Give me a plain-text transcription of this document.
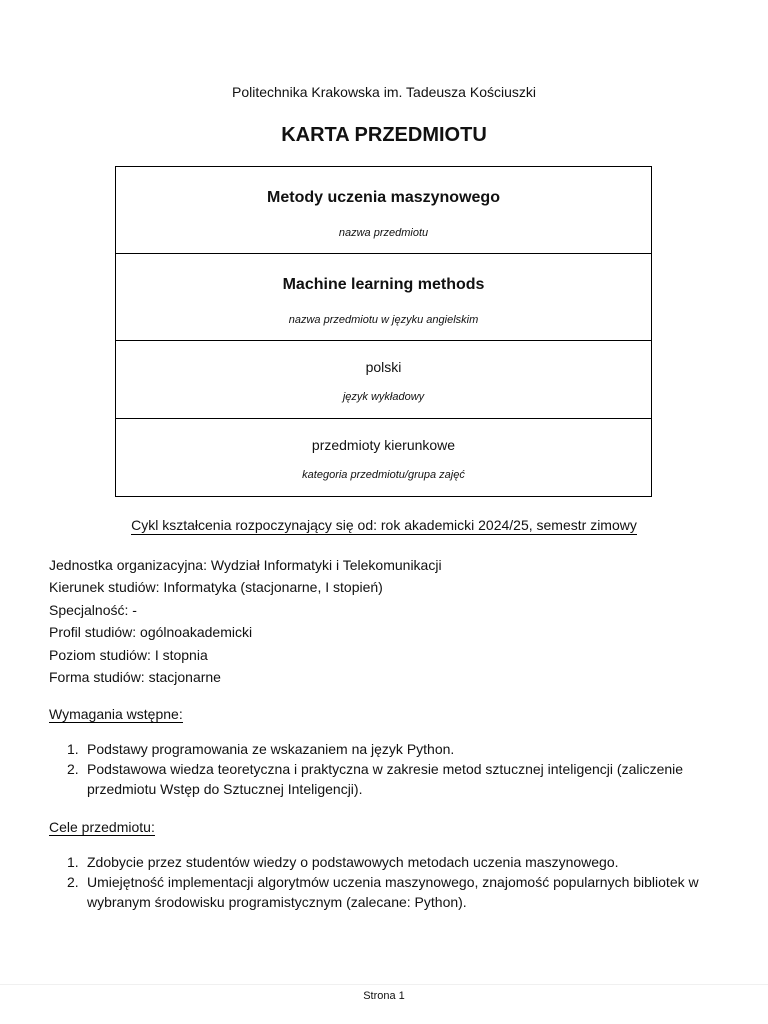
Politechnika Krakowska im. Tadeusza Kościuszki
KARTA PRZEDMIOTU
Metody uczenia maszynowego
nazwa przedmiotu
Machine learning methods
nazwa przedmiotu w języku angielskim
polski
język wykładowy
przedmioty kierunkowe
kategoria przedmiotu/grupa zajęć
Cykl kształcenia rozpoczynający się od: rok akademicki 2024/25, semestr zimowy
Jednostka organizacyjna: Wydział Informatyki i Telekomunikacji
Kierunek studiów: Informatyka (stacjonarne, I stopień)
Specjalność: -
Profil studiów: ogólnoakademicki
Poziom studiów: I stopnia
Forma studiów: stacjonarne
Wymagania wstępne:
1. Podstawy programowania ze wskazaniem na język Python.
2. Podstawowa wiedza teoretyczna i praktyczna w zakresie metod sztucznej inteligencji (zaliczenie przedmiotu Wstęp do Sztucznej Inteligencji).
Cele przedmiotu:
1. Zdobycie przez studentów wiedzy o podstawowych metodach uczenia maszynowego.
2. Umiejętność implementacji algorytmów uczenia maszynowego, znajomość popularnych bibliotek w wybranym środowisku programistycznym (zalecane: Python).
Strona 1
